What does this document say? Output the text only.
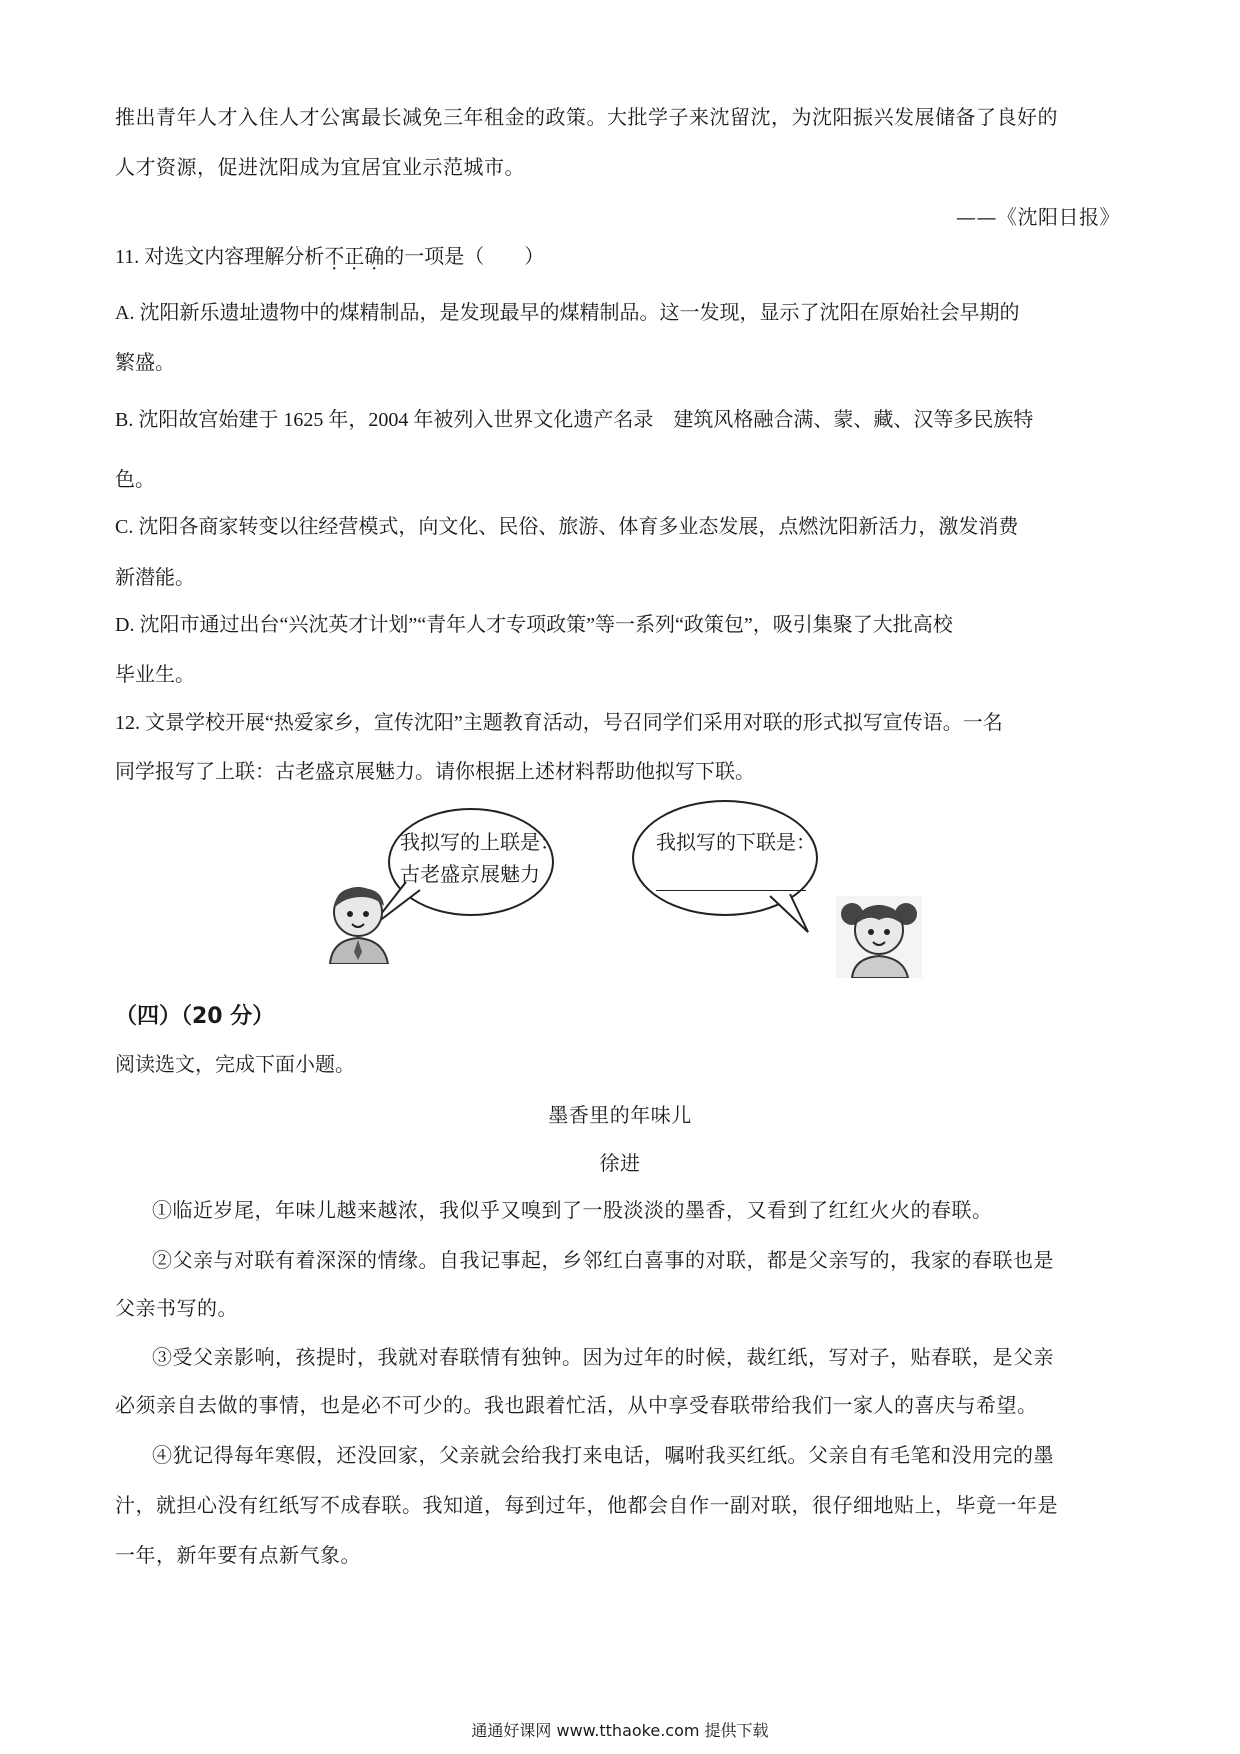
推出青年人才入住人才公寓最长减免三年租金的政策。大批学子来沈留沈，为沈阳振兴发展储备了良好的
人才资源，促进沈阳成为宜居宜业示范城市。
——《沈阳日报》
11. 对选文内容理解分析不正确的一项是（　　）
A. 沈阳新乐遗址遗物中的煤精制品，是发现最早的煤精制品。这一发现，显示了沈阳在原始社会早期的
繁盛。
B. 沈阳故宫始建于 1625 年，2004 年被列入世界文化遗产名录　建筑风格融合满、蒙、藏、汉等多民族特
色。
C. 沈阳各商家转变以往经营模式，向文化、民俗、旅游、体育多业态发展，点燃沈阳新活力，激发消费
新潜能。
D. 沈阳市通过出台“兴沈英才计划”“青年人才专项政策”等一系列“政策包”，吸引集聚了大批高校
毕业生。
12. 文景学校开展“热爱家乡，宣传沈阳”主题教育活动，号召同学们采用对联的形式拟写宣传语。一名
同学报写了上联：古老盛京展魅力。请你根据上述材料帮助他拟写下联。
我拟写的上联是：
古老盛京展魅力
我拟写的下联是：
（四）（20 分）
阅读选文，完成下面小题。
墨香里的年味儿
徐进
①临近岁尾，年味儿越来越浓，我似乎又嗅到了一股淡淡的墨香，又看到了红红火火的春联。
②父亲与对联有着深深的情缘。自我记事起，乡邻红白喜事的对联，都是父亲写的，我家的春联也是
父亲书写的。
③受父亲影响，孩提时，我就对春联情有独钟。因为过年的时候，裁红纸，写对子，贴春联，是父亲
必须亲自去做的事情，也是必不可少的。我也跟着忙活，从中享受春联带给我们一家人的喜庆与希望。
④犹记得每年寒假，还没回家，父亲就会给我打来电话，嘱咐我买红纸。父亲自有毛笔和没用完的墨
汁，就担心没有红纸写不成春联。我知道，每到过年，他都会自作一副对联，很仔细地贴上，毕竟一年是
一年，新年要有点新气象。
通通好课网 www.tthaoke.com 提供下载
